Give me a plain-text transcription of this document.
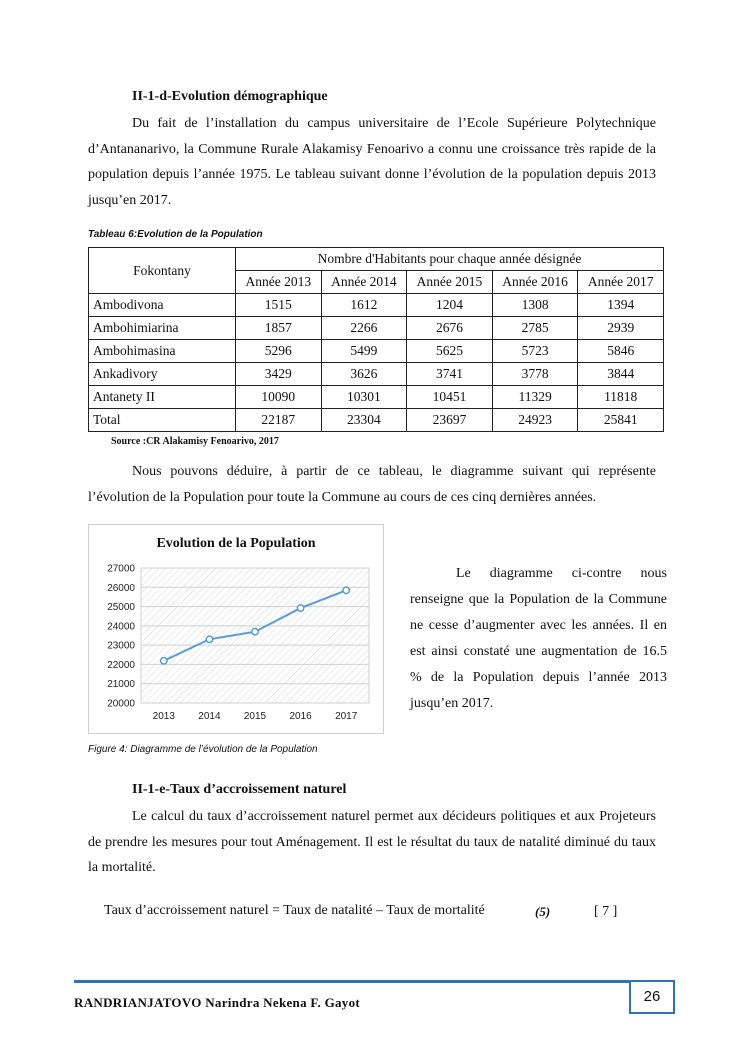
II-1-d-Evolution démographique
Du fait de l’installation du campus universitaire de l’Ecole Supérieure Polytechnique d’Antananarivo, la Commune Rurale Alakamisy Fenoarivo a connu une croissance très rapide de la population depuis l’année 1975. Le tableau suivant donne l’évolution de la population depuis 2013 jusqu’en 2017.
Tableau 6:Evolution de la Population
Fokontany	Nombre d'Habitants pour chaque année désignée				
	Année 2013	Année 2014	Année 2015	Année 2016	Année 2017
Ambodivona	1515	1612	1204	1308	1394
Ambohimiarina	1857	2266	2676	2785	2939
Ambohimasina	5296	5499	5625	5723	5846
Ankadivory	3429	3626	3741	3778	3844
Antanety II	10090	10301	10451	11329	11818
Total	22187	23304	23697	24923	25841
Source :CR Alakamisy Fenoarivo, 2017
Nous pouvons déduire, à partir de ce tableau, le diagramme suivant qui représente l’évolution de la Population pour toute la Commune au cours de ces cinq dernières années.
Evolution de la Population
27000
26000
25000
24000
23000
22000
21000
20000
2013 2014 2015 2016 2017
Figure 4: Diagramme de l’évolution de la Population
Le diagramme ci-contre nous renseigne que la Population de la Commune ne cesse d’augmenter avec les années. Il en est ainsi constaté une augmentation de 16.5 % de la Population depuis l’année 2013 jusqu’en 2017.
II-1-e-Taux d’accroissement naturel
Le calcul du taux d’accroissement naturel permet aux décideurs politiques et aux Projeteurs de prendre les mesures pour tout Aménagement. Il est le résultat du taux de natalité diminué du taux la mortalité.
Taux d’accroissement naturel = Taux de natalité – Taux de mortalité	(5)	[ 7 ]
26
RANDRIANJATOVO Narindra Nekena F. Gayot
